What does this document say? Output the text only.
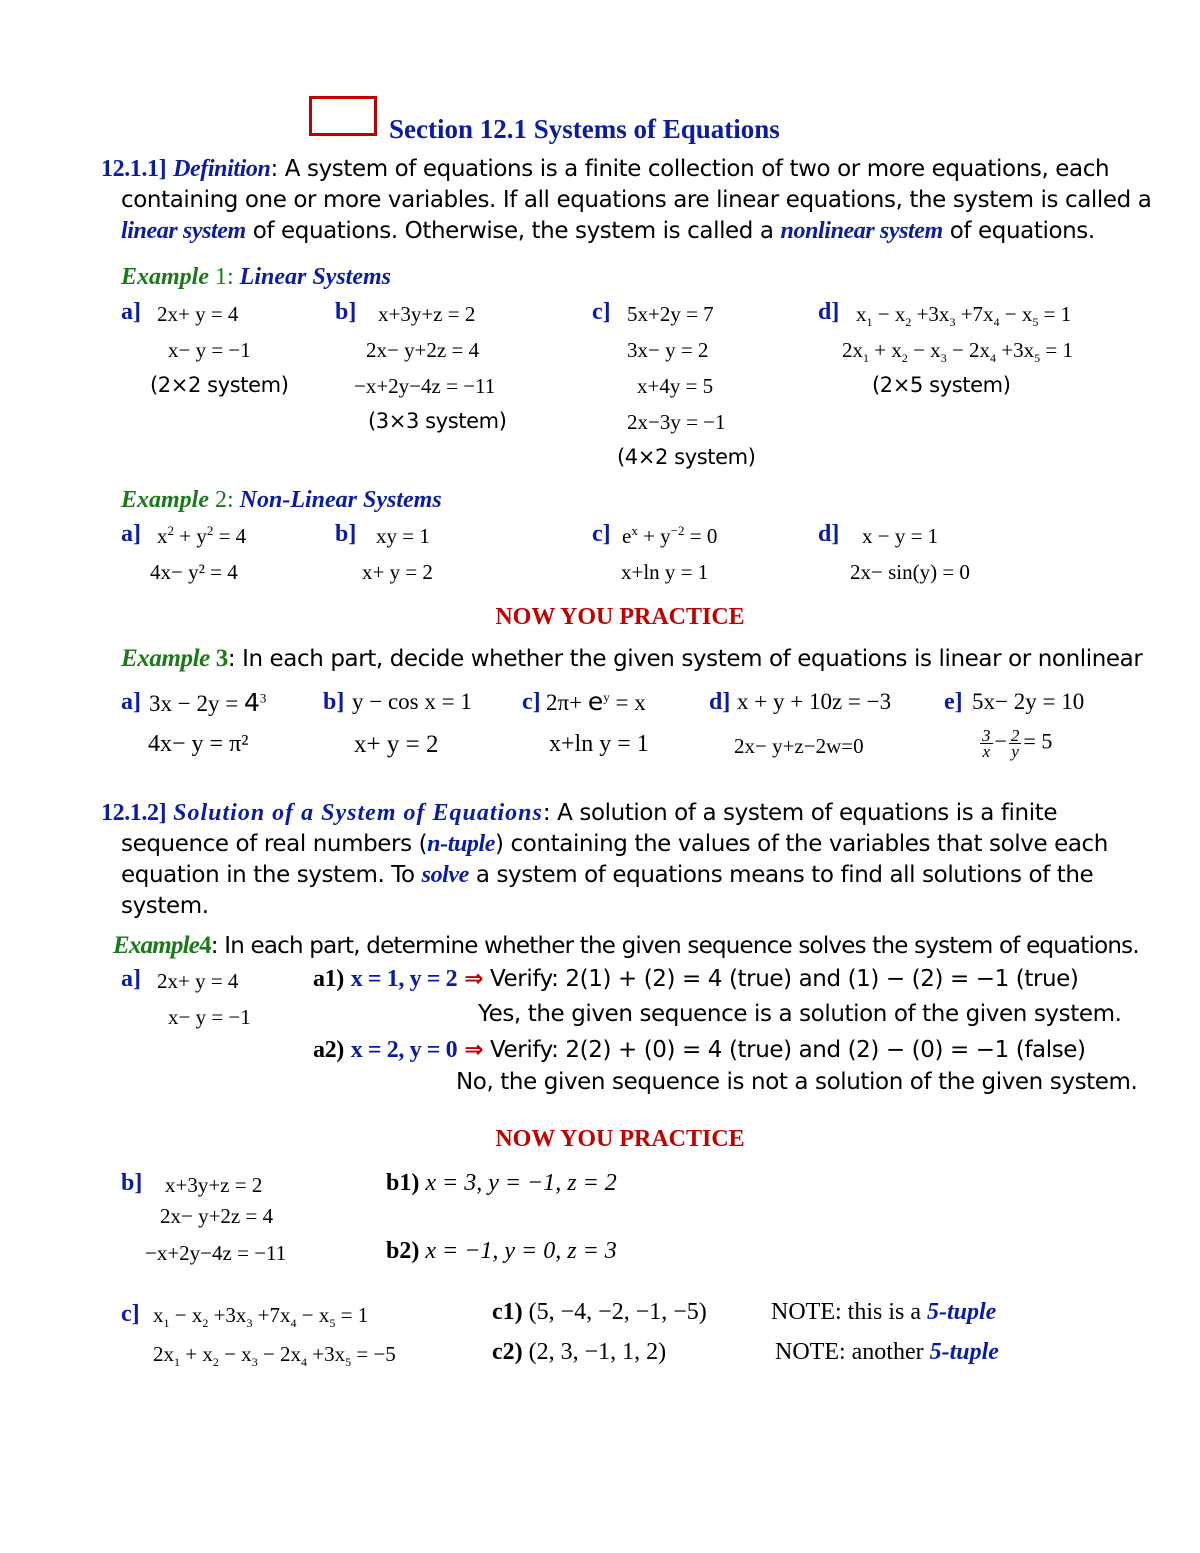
Section 12.1 Systems of Equations
12.1.1] Definition: A system of equations is a finite collection of two or more equations, each
containing one or more variables. If all equations are linear equations, the system is called a
linear system of equations. Otherwise, the system is called a nonlinear system of equations.
Example 1: Linear Systems
a] 2x+ y = 4
x− y = −1
(2×2 system)
b] x+3y+z = 2
2x− y+2z = 4
−x+2y−4z = −11
(3×3 system)
c] 5x+2y = 7
3x− y = 2
x+4y = 5
2x−3y = −1
(4×2 system)
d] $x_1 - x_2 +3x_3 +7x_4 - x_5 = 1$
$2x_1 + x_2 - x_3 - 2x_4 +3x_5 = 1$
(2×5 system)
Example 2: Non-Linear Systems
a] $x^2 + y^2 = 4$
4x− y² = 4
b] xy = 1
x+ y = 2
c] $e^x + y^{-2} = 0$
x+ln y = 1
d] x − y = 1
2x− sin(y) = 0
NOW YOU PRACTICE
Example 3: In each part, decide whether the given system of equations is linear or nonlinear
a] $3x - 2y = 4^3$
4x− y = π²
b] y − cos x = 1
x+ y = 2
c] $2\pi+ e^y = x$
x+ln y = 1
d] x + y + 10z = −3
2x− y+z−2w=0
e] 5x− 2y = 10
$\frac{3}{x} - \frac{2}{y} = 5$
12.1.2] Solution of a System of Equations: A solution of a system of equations is a finite
sequence of real numbers (n-tuple) containing the values of the variables that solve each
equation in the system. To solve a system of equations means to find all solutions of the
system.
Example4: In each part, determine whether the given sequence solves the system of equations.
a] 2x+ y = 4
x− y = −1
a1) x = 1, y = 2 ⇒ Verify: 2(1) + (2) = 4 (true) and (1) − (2) = −1 (true)
Yes, the given sequence is a solution of the given system.
a2) x = 2, y = 0 ⇒ Verify: 2(2) + (0) = 4 (true) and (2) − (0) = −1 (false)
No, the given sequence is not a solution of the given system.
NOW YOU PRACTICE
b] x+3y+z = 2
2x− y+2z = 4
−x+2y−4z = −11
b1) x = 3, y = −1, z = 2
b2) x = −1, y = 0, z = 3
c] $x_1 - x_2 +3x_3 +7x_4 - x_5 = 1$
$2x_1 + x_2 - x_3 - 2x_4 +3x_5 = -5$
c1) (5, −4, −2, −1, −5)
c2) (2, 3, −1, 1, 2)
NOTE: this is a 5-tuple
NOTE: another 5-tuple
